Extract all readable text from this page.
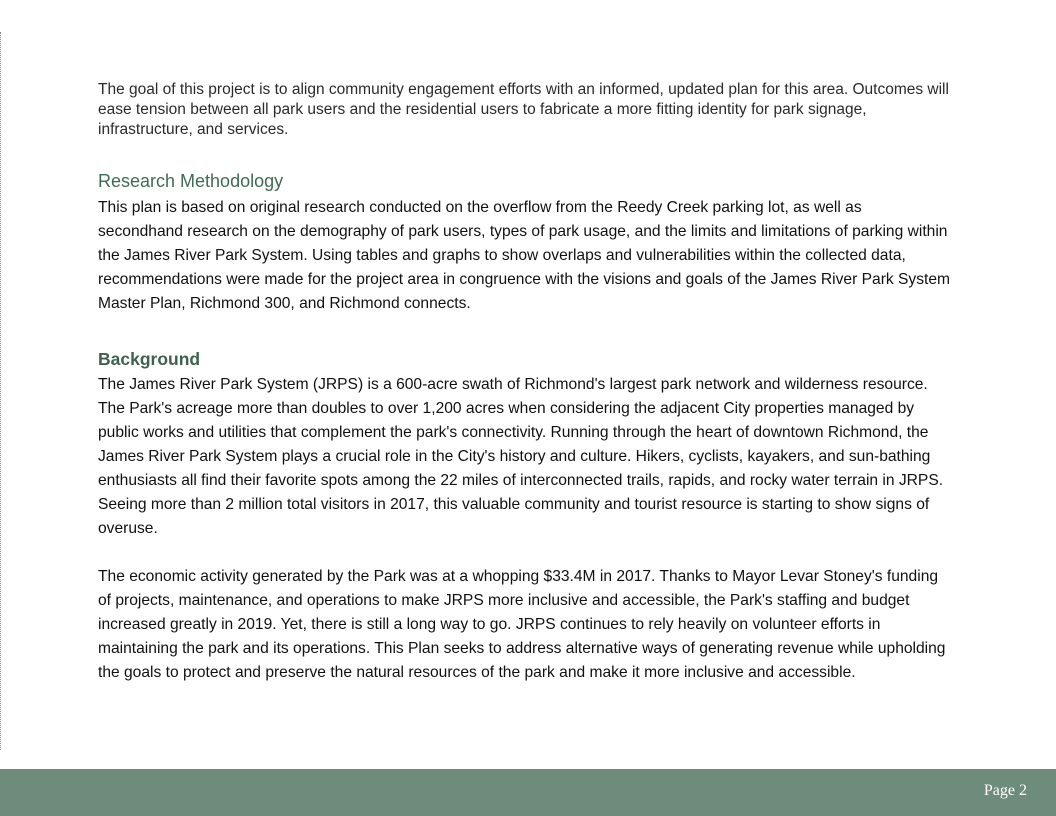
The goal of this project is to align community engagement efforts with an informed, updated plan for this area. Outcomes will ease tension between all park users and the residential users to fabricate a more fitting identity for park signage, infrastructure, and services.

Research Methodology

This plan is based on original research conducted on the overflow from the Reedy Creek parking lot, as well as secondhand research on the demography of park users, types of park usage, and the limits and limitations of parking within the James River Park System. Using tables and graphs to show overlaps and vulnerabilities within the collected data, recommendations were made for the project area in congruence with the visions and goals of the James River Park System Master Plan, Richmond 300, and Richmond connects.

Background

The James River Park System (JRPS) is a 600-acre swath of Richmond's largest park network and wilderness resource. The Park's acreage more than doubles to over 1,200 acres when considering the adjacent City properties managed by public works and utilities that complement the park's connectivity. Running through the heart of downtown Richmond, the James River Park System plays a crucial role in the City's history and culture. Hikers, cyclists, kayakers, and sun-bathing enthusiasts all find their favorite spots among the 22 miles of interconnected trails, rapids, and rocky water terrain in JRPS. Seeing more than 2 million total visitors in 2017, this valuable community and tourist resource is starting to show signs of overuse.

The economic activity generated by the Park was at a whopping $33.4M in 2017. Thanks to Mayor Levar Stoney's funding of projects, maintenance, and operations to make JRPS more inclusive and accessible, the Park's staffing and budget increased greatly in 2019. Yet, there is still a long way to go. JRPS continues to rely heavily on volunteer efforts in maintaining the park and its operations. This Plan seeks to address alternative ways of generating revenue while upholding the goals to protect and preserve the natural resources of the park and make it more inclusive and accessible.

Page 2
